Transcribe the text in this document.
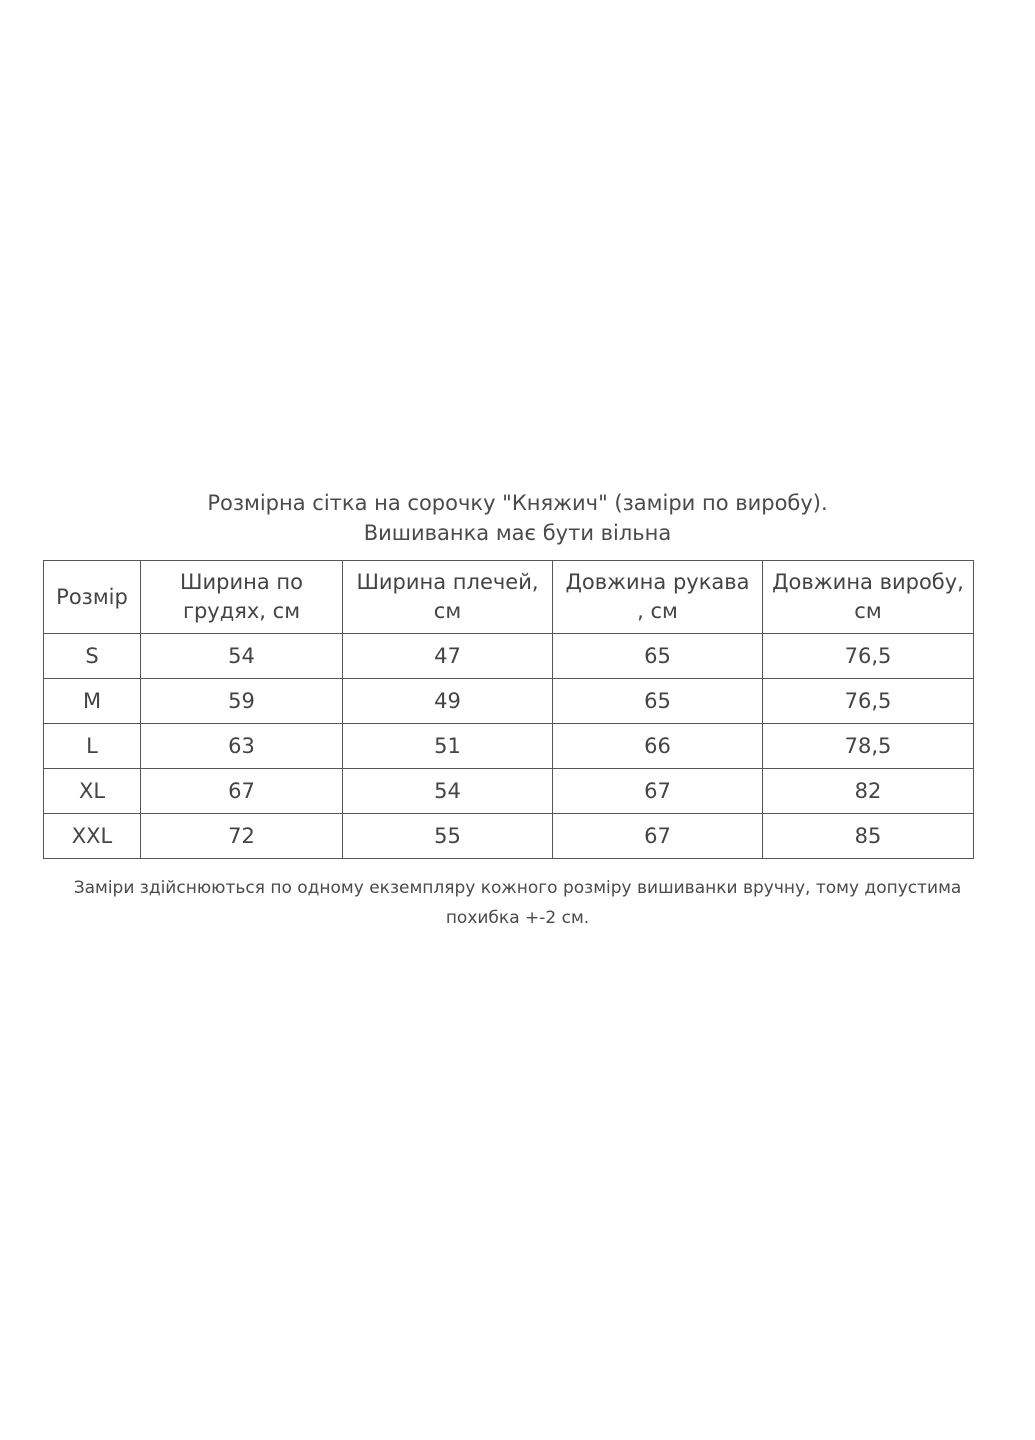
Розмірна сітка на сорочку "Княжич" (заміри по виробу).
Вишиванка має бути вільна
Розмір	Ширина по грудях, см	Ширина плечей, см	Довжина рукава , см	Довжина виробу, см
S	54	47	65	76,5
M	59	49	65	76,5
L	63	51	66	78,5
XL	67	54	67	82
XXL	72	55	67	85
Заміри здійснюються по одному екземпляру кожного розміру вишиванки вручну, тому допустима похибка +-2 см.
